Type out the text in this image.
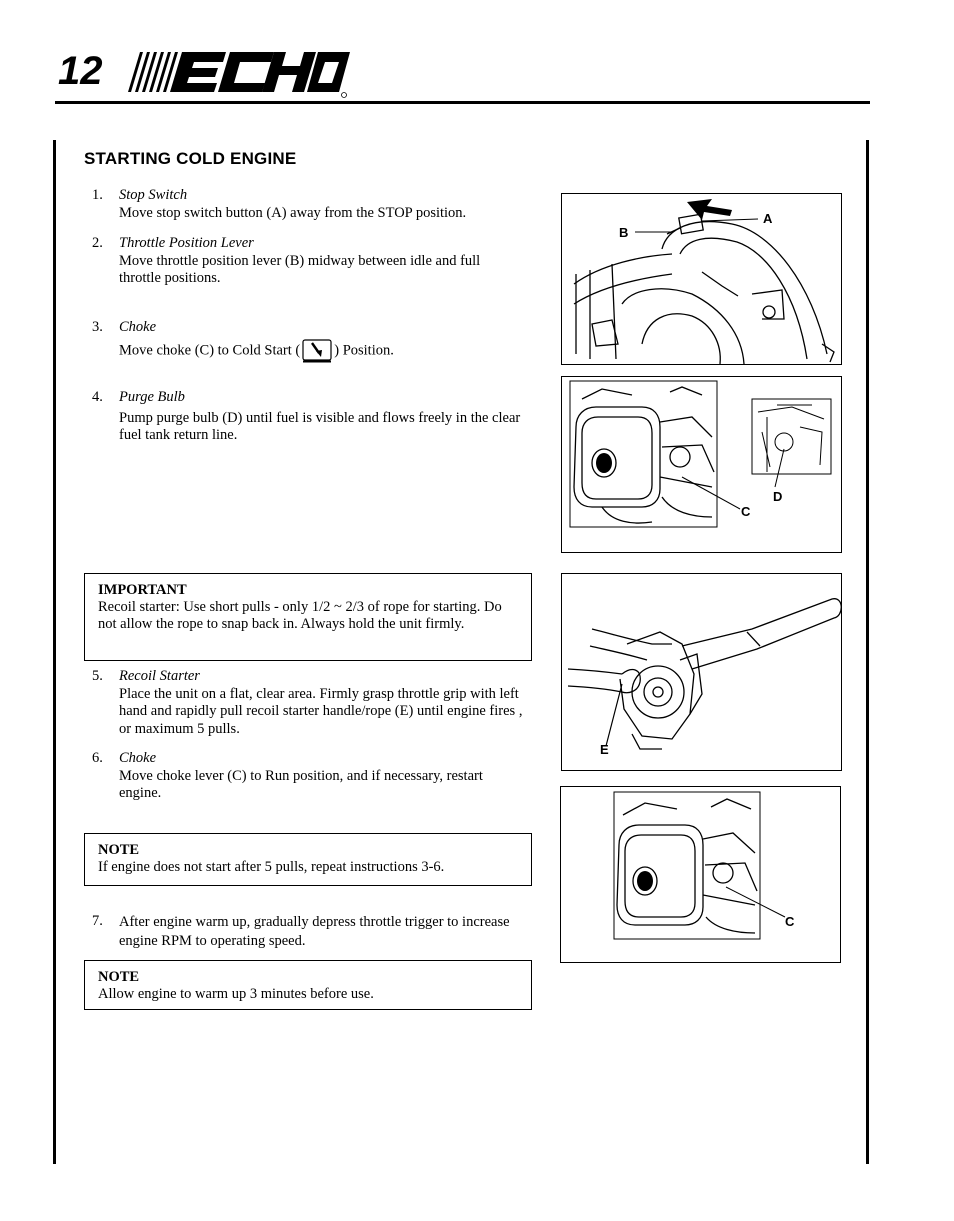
12
STARTING COLD ENGINE
1. Stop Switch
Move stop switch button (A) away from the STOP position.
2. Throttle Position Lever
Move throttle position lever (B) midway between idle and full throttle positions.
3. Choke
Move choke (C) to Cold Start ( ) Position.
4. Purge Bulb
Pump purge bulb (D) until fuel is visible and flows freely in the clear fuel tank return line.
IMPORTANT
Recoil starter: Use short pulls - only 1/2 ~ 2/3 of rope for starting. Do not allow the rope to snap back in. Always hold the unit firmly.
5. Recoil Starter
Place the unit on a flat, clear area. Firmly grasp throttle grip with left hand and rapidly pull recoil starter handle/rope (E) until engine fires , or maximum 5 pulls.
6. Choke
Move choke lever (C) to Run position, and if necessary, restart engine.
NOTE
If engine does not start after 5 pulls, repeat instructions 3-6.
7. After engine warm up, gradually depress throttle trigger to increase engine RPM to operating speed.
NOTE
Allow engine to warm up 3 minutes before use.
A
B
C
D
E
C
